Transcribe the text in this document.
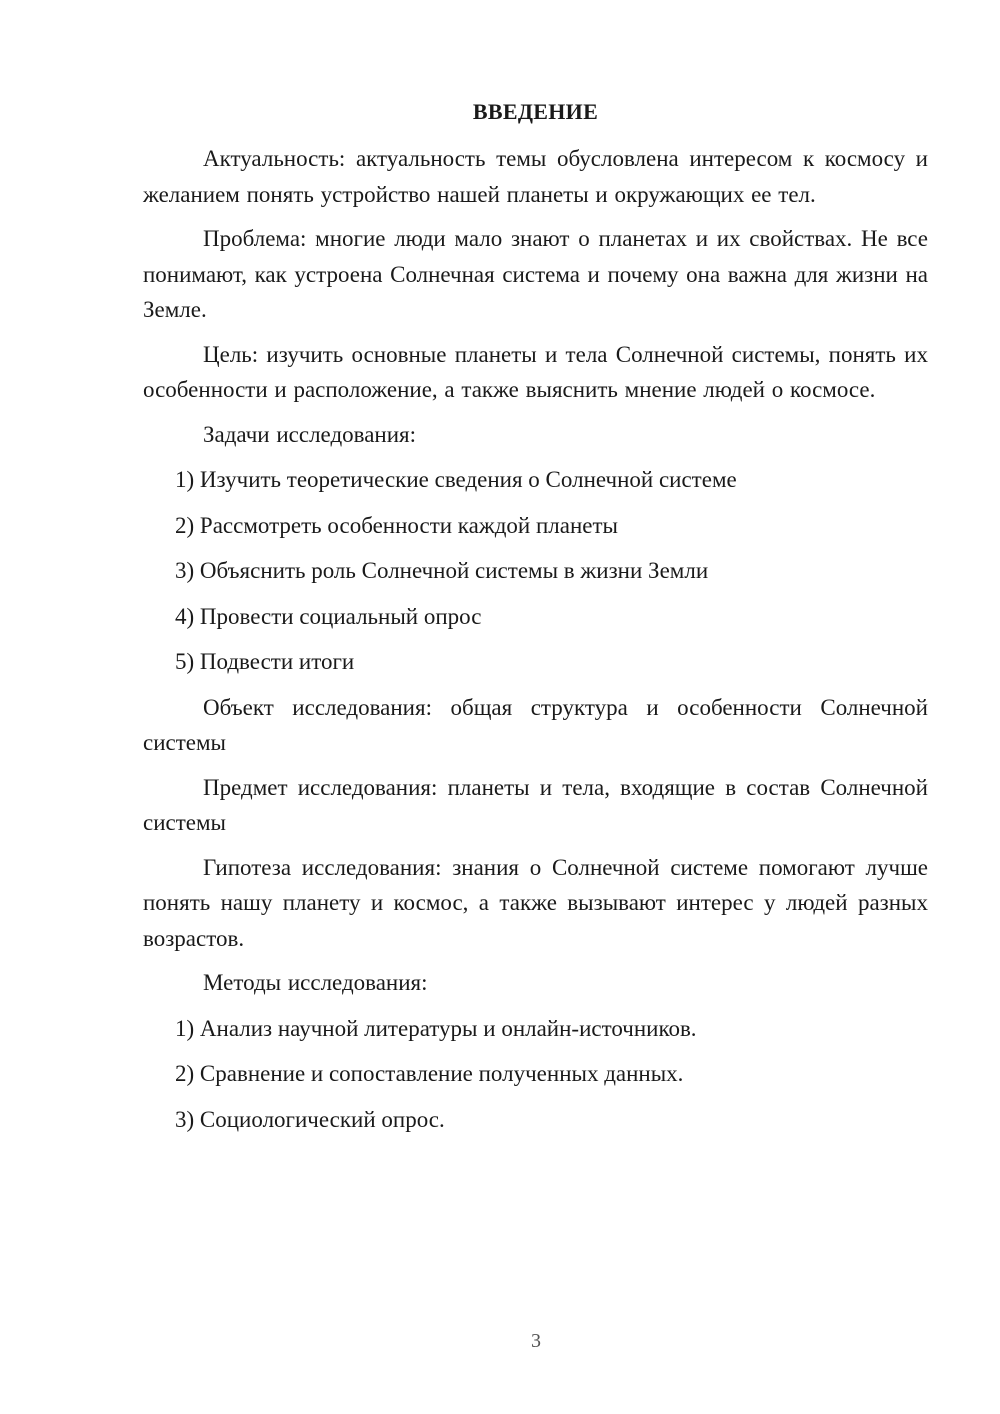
ВВЕДЕНИЕ

Актуальность: актуальность темы обусловлена интересом к космосу и желанием понять устройство нашей планеты и окружающих ее тел.

Проблема: многие люди мало знают о планетах и их свойствах. Не все понимают, как устроена Солнечная система и почему она важна для жизни на Земле.

Цель: изучить основные планеты и тела Солнечной системы, понять их особенности и расположение, а также выяснить мнение людей о космосе.

Задачи исследования:

1) Изучить теоретические сведения о Солнечной системе
2) Рассмотреть особенности каждой планеты
3) Объяснить роль Солнечной системы в жизни Земли
4) Провести социальный опрос
5) Подвести итоги

Объект исследования: общая структура и особенности Солнечной системы

Предмет исследования: планеты и тела, входящие в состав Солнечной системы

Гипотеза исследования: знания о Солнечной системе помогают лучше понять нашу планету и космос, а также вызывают интерес у людей разных возрастов.

Методы исследования:

1) Анализ научной литературы и онлайн-источников.
2) Сравнение и сопоставление полученных данных.
3) Социологический опрос.
3
